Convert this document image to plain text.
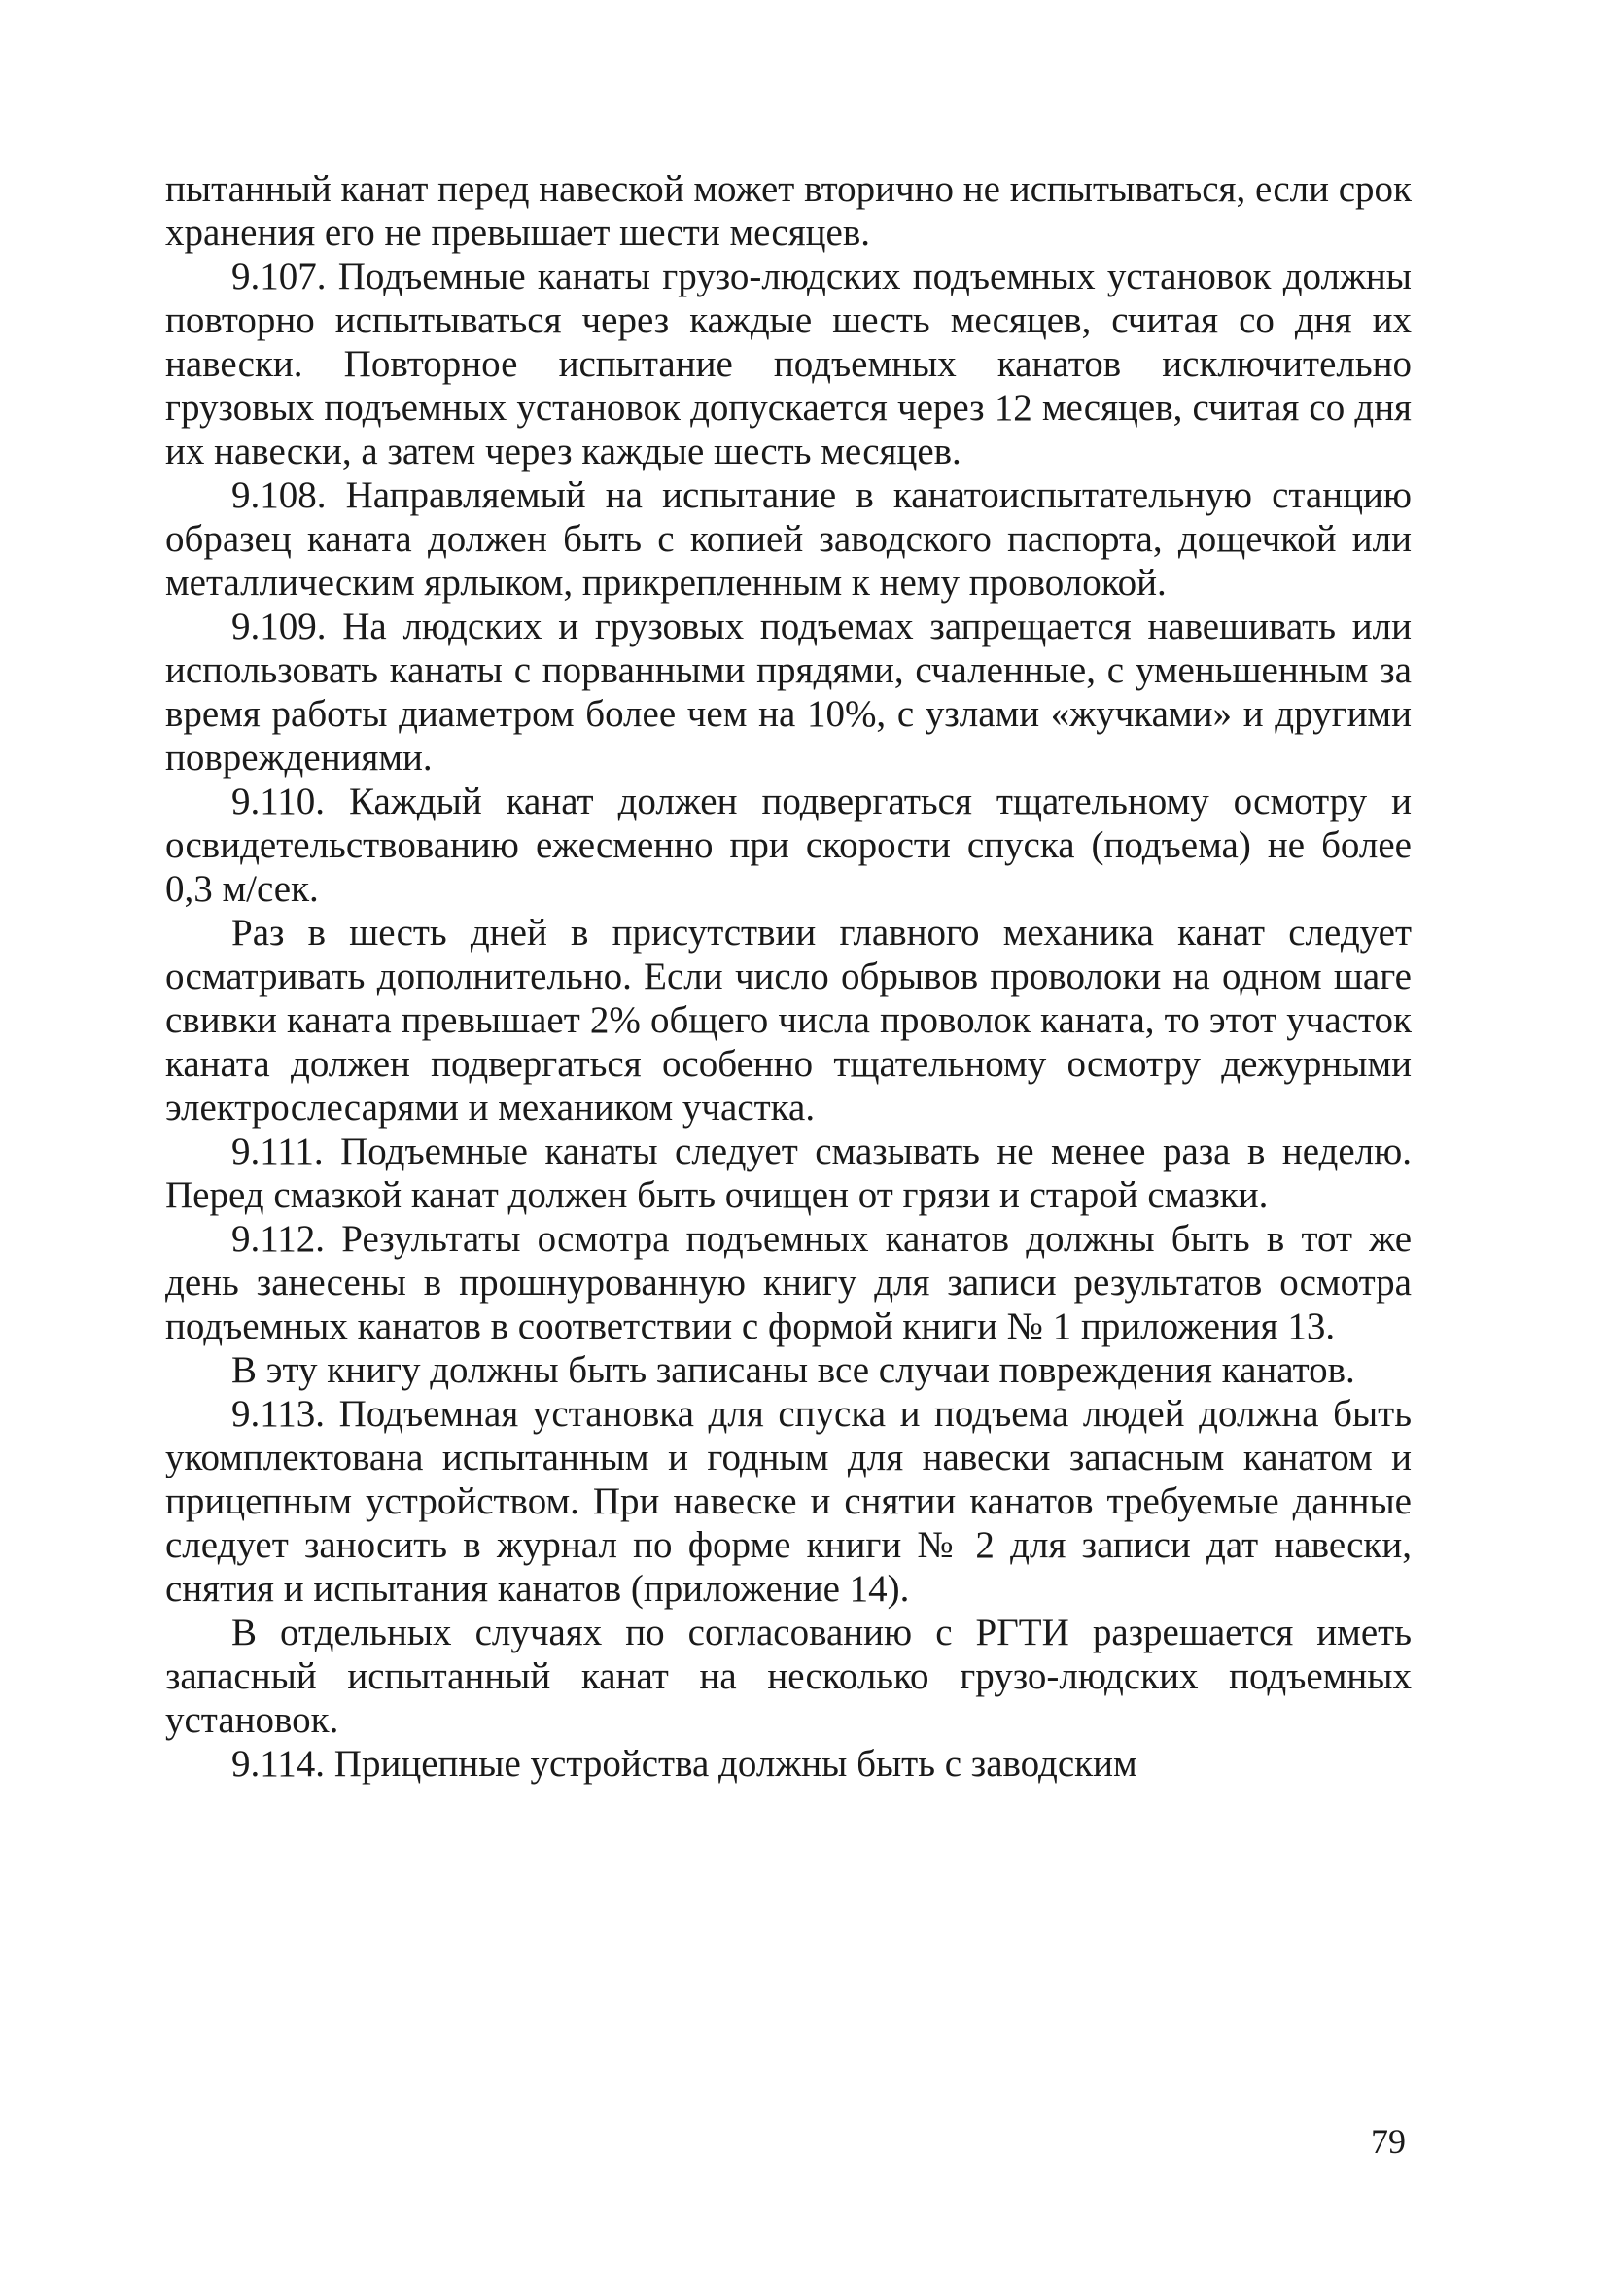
пытанный канат перед навеской может вторично не испытываться, если срок хранения его не превышает шести месяцев.

9.107. Подъемные канаты грузо-людских подъемных установок должны повторно испытываться через каждые шесть месяцев, считая со дня их навески. Повторное испытание подъемных канатов исключительно грузовых подъемных установок допускается через 12 месяцев, считая со дня их навески, а затем через каждые шесть месяцев.

9.108. Направляемый на испытание в канатоиспытательную станцию образец каната должен быть с копией заводского паспорта, дощечкой или металлическим ярлыком, прикрепленным к нему проволокой.

9.109. На людских и грузовых подъемах запрещается навешивать или использовать канаты с порванными прядями, счаленные, с уменьшенным за время работы диаметром более чем на 10%, с узлами «жучками» и другими повреждениями.

9.110. Каждый канат должен подвергаться тщательному осмотру и освидетельствованию ежесменно при скорости спуска (подъема) не более 0,3 м/сек.

Раз в шесть дней в присутствии главного механика канат следует осматривать дополнительно. Если число обрывов проволоки на одном шаге свивки каната превышает 2% общего числа проволок каната, то этот участок каната должен подвергаться особенно тщательному осмотру дежурными электрослесарями и механиком участка.

9.111. Подъемные канаты следует смазывать не менее раза в неделю. Перед смазкой канат должен быть очищен от грязи и старой смазки.

9.112. Результаты осмотра подъемных канатов должны быть в тот же день занесены в прошнурованную книгу для записи результатов осмотра подъемных канатов в соответствии с формой книги № 1 приложения 13.

В эту книгу должны быть записаны все случаи повреждения канатов.

9.113. Подъемная установка для спуска и подъема людей должна быть укомплектована испытанным и годным для навески запасным канатом и прицепным устройством. При навеске и снятии канатов требуемые данные следует заносить в журнал по форме книги № 2 для записи дат навески, снятия и испытания канатов (приложение 14).

В отдельных случаях по согласованию с РГТИ разрешается иметь запасный испытанный канат на несколько грузо-людских подъемных установок.

9.114. Прицепные устройства должны быть с заводским

79
